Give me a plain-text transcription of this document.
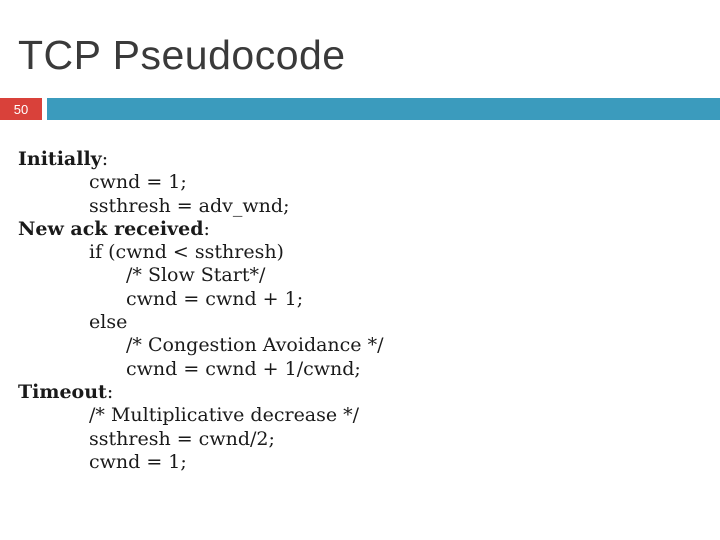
TCP Pseudocode
50
Initially:
cwnd = 1;
ssthresh = adv_wnd;
New ack received:
if (cwnd < ssthresh)
/* Slow Start*/
cwnd = cwnd + 1;
else
/* Congestion Avoidance */
cwnd = cwnd + 1/cwnd;
Timeout:
/* Multiplicative decrease */
ssthresh = cwnd/2;
cwnd = 1;
